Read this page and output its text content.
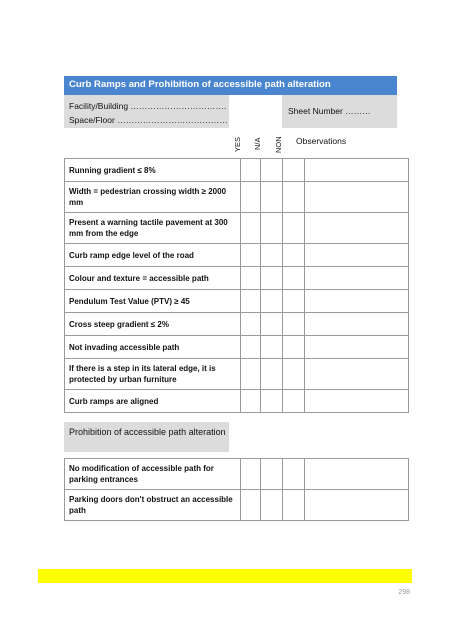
Curb Ramps and Prohibition of accessible path alteration
Facility/Building …………………………….
Space/Floor …………………………………
Sheet Number ………
YES N/A NON Observations
Running gradient ≤ 8%				
Width = pedestrian crossing width ≥ 2000 mm				
Present a warning tactile pavement at 300 mm from the edge				
Curb ramp edge level of the road				
Colour and texture = accessible path				
Pendulum Test Value (PTV) ≥ 45				
Cross steep gradient ≤ 2%				
Not invading accessible path				
If there is a step in its lateral edge, it is protected by urban furniture				
Curb ramps are aligned				
Prohibition of accessible path alteration
No modification of accessible path for parking entrances				
Parking doors don't obstruct an accessible path				
298
